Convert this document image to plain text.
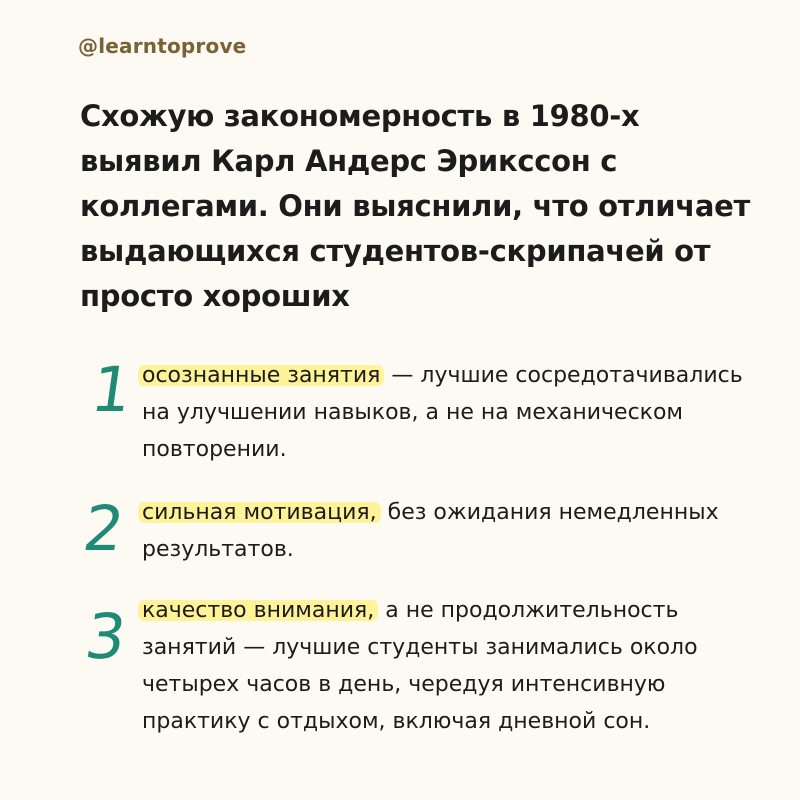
@learntoprove
Схожую закономерность в 1980-х выявил Карл Андерс Эрикссон с коллегами. Они выяснили, что отличает выдающихся студентов-скрипачей от просто хороших
1 осознанные занятия — лучшие сосредотачивались на улучшении навыков, а не на механическом повторении.

2 сильная мотивация, без ожидания немедленных результатов.

3 качество внимания, а не продолжительность занятий — лучшие студенты занимались около четырех часов в день, чередуя интенсивную практику с отдыхом, включая дневной сон.
